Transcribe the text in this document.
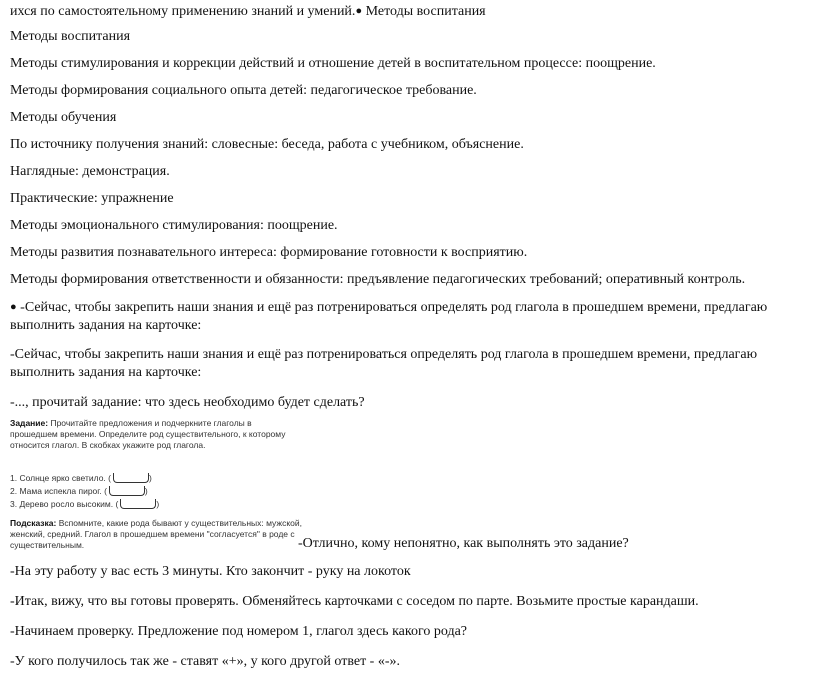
ихся по самостоятельному применению знаний и умений.● Методы воспитания
Методы воспитания
Методы стимулирования и коррекции действий и отношение детей в воспитательном процессе: поощрение.
Методы формирования социального опыта детей: педагогическое требование.
Методы обучения
По источнику получения знаний: словесные: беседа, работа с учебником, объяснение.
Наглядные: демонстрация.
Практические: упражнение
Методы эмоционального стимулирования: поощрение.
Методы развития познавательного интереса: формирование готовности к восприятию.
Методы формирования ответственности и обязанности: предъявление педагогических требований; оперативный контроль.
● -Сейчас, чтобы закрепить наши знания и ещё раз потренироваться определять род глагола в прошедшем времени, предлагаю выполнить задания на карточке:
-Сейчас, чтобы закрепить наши знания и ещё раз потренироваться определять род глагола в прошедшем времени, предлагаю выполнить задания на карточке:
-..., прочитай задание: что здесь необходимо будет сделать?
Задание: Прочитайте предложения и подчеркните глаголы в прошедшем времени. Определите род существительного, к которому относится глагол. В скобках укажите род глагола.
1. Солнце ярко светило. (	)
2. Мама испекла пирог. (	)
3. Дерево росло высоким. (	)
Подсказка: Вспомните, какие рода бывают у существительных: мужской, женский, средний. Глагол в прошедшем времени "согласуется" в роде с существительным.	-Отлично, кому непонятно, как выполнять это задание?
-На эту работу у вас есть 3 минуты. Кто закончит - руку на локоток
-Итак, вижу, что вы готовы проверять. Обменяйтесь карточками с соседом по парте. Возьмите простые карандаши.
-Начинаем проверку. Предложение под номером 1, глагол здесь какого рода?
-У кого получилось так же - ставят «+», у кого другой ответ - «-».
